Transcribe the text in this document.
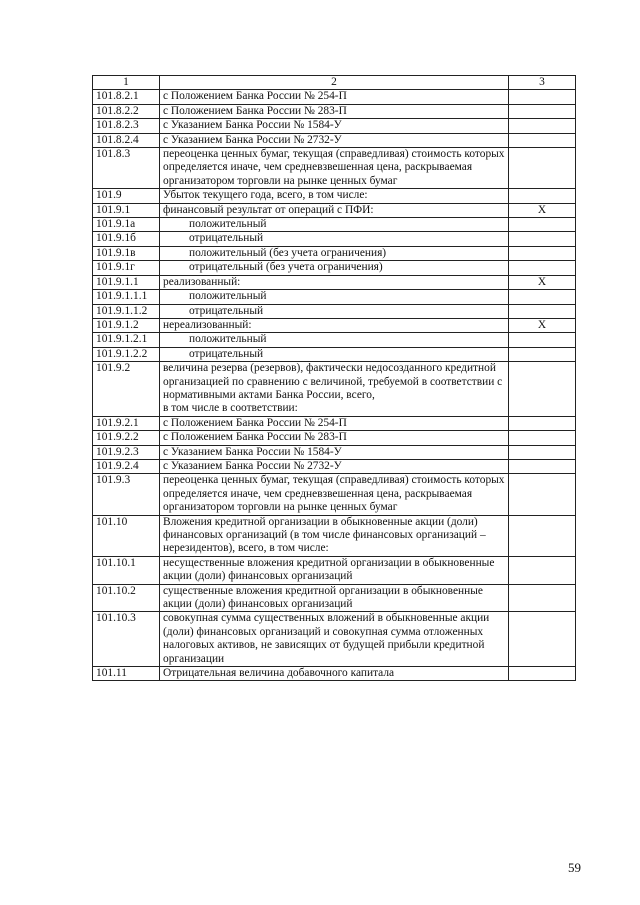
1	2	3
101.8.2.1	с Положением Банка России № 254-П	
101.8.2.2	с Положением Банка России № 283-П	
101.8.2.3	с Указанием Банка России № 1584-У	
101.8.2.4	с Указанием Банка России № 2732-У	
101.8.3	переоценка ценных бумаг, текущая (справедливая) стоимость которых определяется иначе, чем средневзвешенная цена, раскрываемая организатором торговли на рынке ценных бумаг	
101.9	Убыток текущего года, всего, в том числе:	
101.9.1	финансовый результат от операций с ПФИ:	X
101.9.1а	положительный	
101.9.1б	отрицательный	
101.9.1в	положительный (без учета ограничения)	
101.9.1г	отрицательный (без учета ограничения)	
101.9.1.1	реализованный:	X
101.9.1.1.1	положительный	
101.9.1.1.2	отрицательный	
101.9.1.2	нереализованный:	X
101.9.1.2.1	положительный	
101.9.1.2.2	отрицательный	
101.9.2	величина резерва (резервов), фактически недосозданного кредитной организацией по сравнению с величиной, требуемой в соответствии с нормативными актами Банка России, всего,
в том числе в соответствии:	
101.9.2.1	с Положением Банка России № 254-П	
101.9.2.2	с Положением Банка России № 283-П	
101.9.2.3	с Указанием Банка России № 1584-У	
101.9.2.4	с Указанием Банка России № 2732-У	
101.9.3	переоценка ценных бумаг, текущая (справедливая) стоимость которых определяется иначе, чем средневзвешенная цена, раскрываемая организатором торговли на рынке ценных бумаг	
101.10	Вложения кредитной организации в обыкновенные акции (доли) финансовых организаций (в том числе финансовых организаций – нерезидентов), всего, в том числе:	
101.10.1	несущественные вложения кредитной организации в обыкновенные акции (доли) финансовых организаций	
101.10.2	существенные вложения кредитной организации в обыкновенные акции (доли) финансовых организаций	
101.10.3	совокупная сумма существенных вложений в обыкновенные акции (доли) финансовых организаций и совокупная сумма отложенных налоговых активов, не зависящих от будущей прибыли кредитной организации	
101.11	Отрицательная величина добавочного капитала	
59
